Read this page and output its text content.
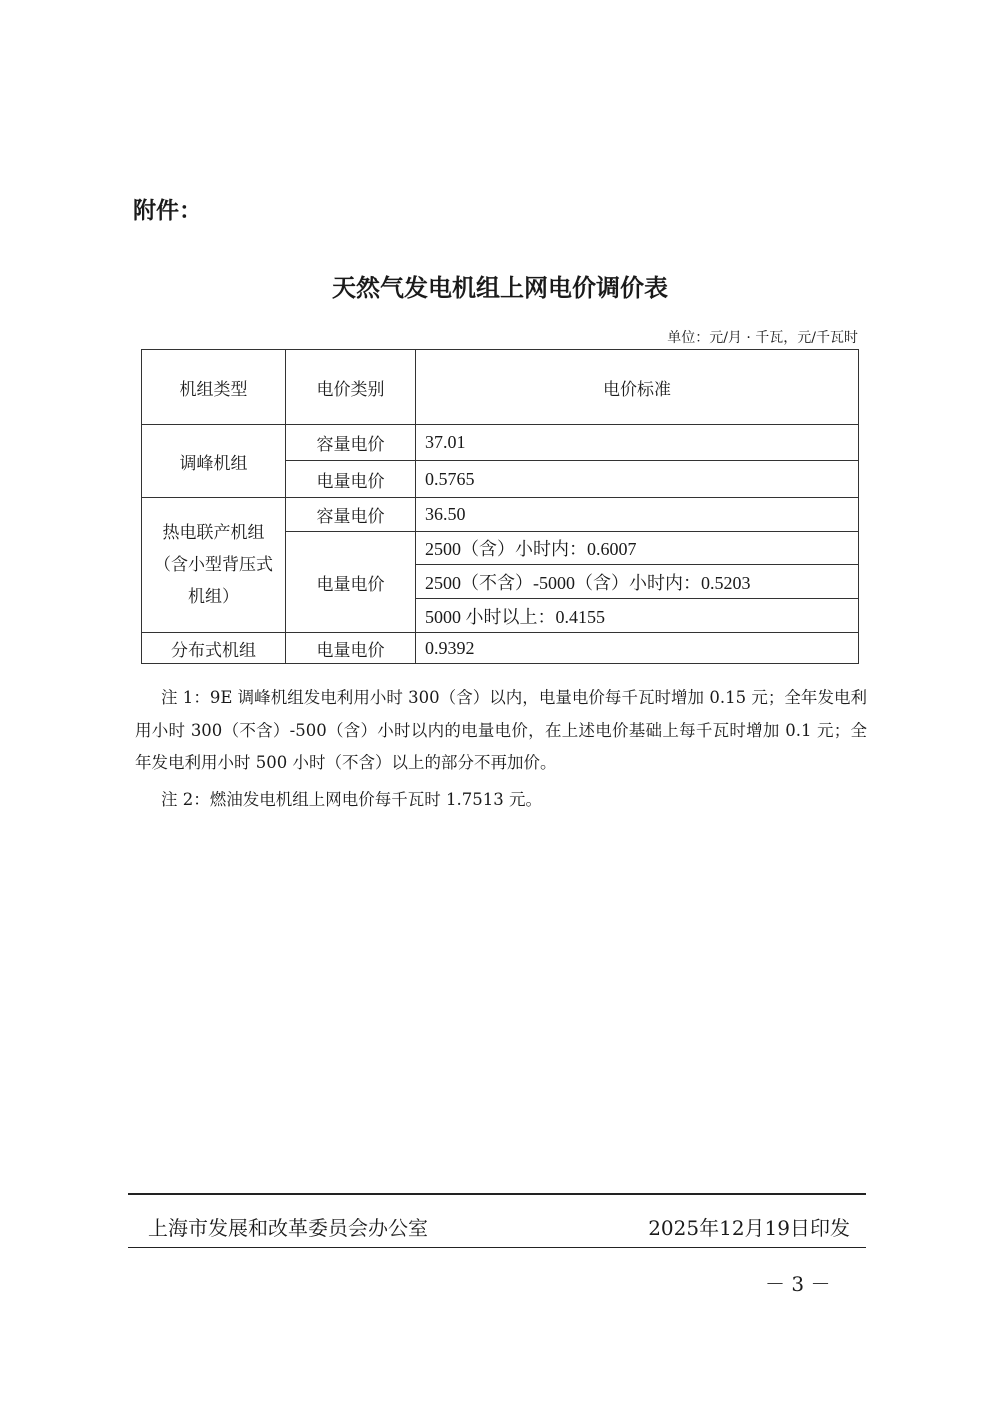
附件：
天然气发电机组上网电价调价表
单位：元/月 · 千瓦，元/千瓦时
机组类型	电价类别	电价标准
调峰机组	容量电价	37.01
	电量电价	0.5765
热电联产机组（含小型背压式机组）	容量电价	36.50
	电量电价	2500（含）小时内：0.6007
		2500（不含）-5000（含）小时内：0.5203
		5000 小时以上：0.4155
分布式机组	电量电价	0.9392

注 1：9E 调峰机组发电利用小时 300（含）以内，电量电价每千瓦时增加 0.15 元；全年发电利用小时 300（不含）-500（含）小时以内的电量电价，在上述电价基础上每千瓦时增加 0.1 元；全年发电利用小时 500 小时（不含）以上的部分不再加价。

注 2：燃油发电机组上网电价每千瓦时 1.7513 元。

上海市发展和改革委员会办公室	2025年12月19日印发
－ 3 －
